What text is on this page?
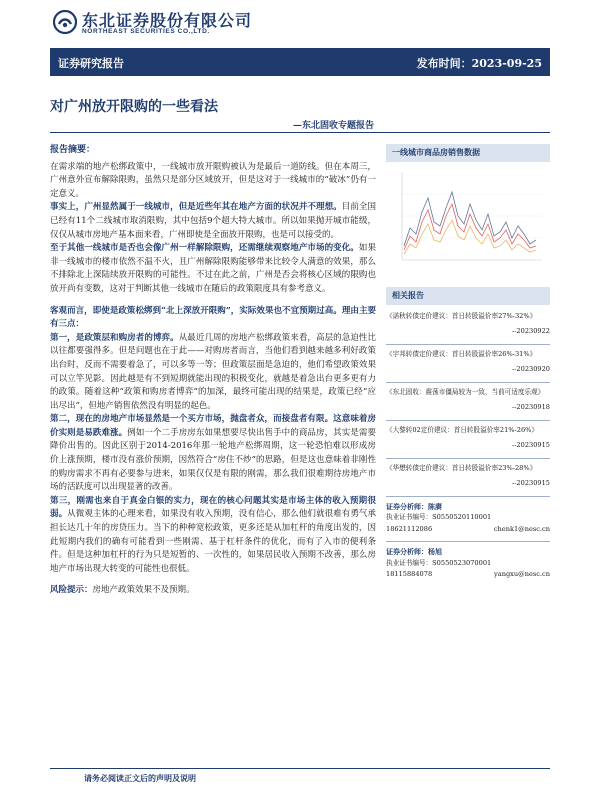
东北证券股份有限公司
NORTHEAST SECURITIES CO.,LTD.
证券研究报告	发布时间：2023-09-25
对广州放开限购的一些看法
—东北固收专题报告
报告摘要：

在需求端的地产松绑政策中，一线城市放开限购被认为是最后一道防线。但在本周三，广州意外宣布解除限购，虽然只是部分区域放开，但是这对于一线城市的“破冰”仍有一定意义。

事实上，广州显然属于一线城市，但是近些年其在地产方面的状况并不理想。目前全国已经有11个二线城市取消限购，其中包括9个超大特大城市。所以如果抛开城市能级，仅仅从城市房地产基本面来看，广州即使是全面放开限购，也是可以接受的。

至于其他一线城市是否也会像广州一样解除限购，还需继续观察地产市场的变化。如果非一线城市的楼市依然不温不火，且广州解除限购能够带来比较令人满意的效果，那么不排除北上深陆续放开限购的可能性。不过在此之前，广州是否会将核心区域的限购也放开尚有变数，这对于判断其他一线城市在随后的政策限度具有参考意义。

客观而言，即使是政策松绑到“北上深放开限购”，实际效果也不宜预期过高。理由主要有三点：

第一，是政策层和购房者的博弈。从最近几周的房地产松绑政策来看，高层的急迫性比以往都要强得多。但是问题也在于此——对购房者而言，当他们看到越来越多利好政策出台时，反而不需要着急了，可以多等一等；但政策层面是急迫的，他们希望政策效果可以立竿见影。因此越是有不到短期就能出现的积极变化，就越是着急出台更多更有力的政策。随着这种“政策和购房者博弈”的加深，最终可能出现的结果是，政策已经“应出尽出”，但地产销售依然没有明显的起色。

第二，现在的房地产市场显然是一个买方市场，抛盘者众，而接盘者有限。这意味着房价实则是易跌难涨。例如一个二手房房东如果想要尽快出售手中的商品房，其实是需要降价出售的。因此区别于2014-2016年那一轮地产松绑周期，这一轮恐怕难以形成房价上涨预期，楼市没有涨价预期，因然符合“房住不炒”的思路，但是这也意味着非刚性的购房需求不再有必要参与进来，如果仅仅是有限的刚需，那么我们很难期待房地产市场的活跃度可以出现显著的改善。

第三，刚需也来自于真金白银的实力，现在的核心问题其实是市场主体的收入预期很弱。从微观主体的心理来看，如果没有收入预期，没有信心，那么他们就很难有勇气承担长达几十年的房贷压力。当下的种种宽松政策，更多还是从加杠杆的角度出发的，因此短期内我们的确有可能看到一些刚需、基于杠杆条件的优化，而有了入市的便利条件。但是这种加杠杆的行为只是短暂的、一次性的，如果居民收入预期不改善，那么房地产市场出现大转变的可能性也很低。

风险提示：房地产政策效果不及预期。

一线城市商品房销售数据
相关报告
《诺秋转债定价建议：首日转股溢价率27%-32%》
--20230922
《宇邦转债定价建议：首日转股溢价率26%-31%》
--20230920
《东北固收：震荡市僵局较为一致，当前可适度乐观》
--20230918
《大黎转02定价建议：首日转股溢价率21%-26%》
--20230915
《华懋转债定价建议：首日转股溢价率23%-28%》
--20230915
证券分析师：陈赓
执业证书编号：S0550520110001
18621112086	chenk1@nesc.cn
证券分析师：杨旭
执业证书编号：S0550523070001
18115884078	yangxu@nesc.cn
请务必阅读正文后的声明及说明
